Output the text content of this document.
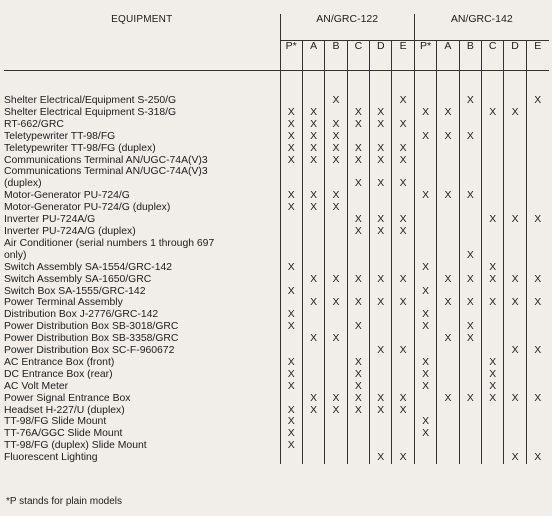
EQUIPMENT	AN/GRC-122						AN/GRC-142					
	P*	A	B	C	D	E	P*	A	B	C	D	E

Shelter Electrical/Equipment S-250/G			X			X			X			X

Shelter Electrical Equipment S-318/G	X	X		X	X		X	X		X	X	

RT-662/GRC	X	X	X	X	X	X						

Teletypewriter TT-98/FG	X	X	X				X	X	X			

Teletypewriter TT-98/FG (duplex)	X	X	X	X	X	X						

Communications Terminal AN/UGC-74A(V)3	X	X	X	X	X	X						

Communications Terminal AN/UGC-74A(V)3
(duplex)				X	X	X						

Motor-Generator PU-724/G	X	X	X				X	X	X			

Motor-Generator PU-724/G (duplex)	X	X	X									

Inverter PU-724A/G				X	X	X				X	X	X

Inverter PU-724A/G (duplex)				X	X	X						

Air Conditioner (serial numbers 1 through 697
only)									X			

Switch Assembly SA-1554/GRC-142	X						X			X		

Switch Assembly SA-1650/GRC		X	X	X	X	X		X	X	X	X	X

Switch Box SA-1555/GRC-142	X						X					

Power Terminal Assembly		X	X	X	X	X		X	X	X	X	X

Distribution Box J-2776/GRC-142	X						X					

Power Distribution Box SB-3018/GRC	X			X			X		X			

Power Distribution Box SB-3358/GRC		X	X					X	X			

Power Distribution Box SC-F-960672					X	X					X	X

AC Entrance Box (front)	X			X			X			X		

DC Entrance Box (rear)	X			X			X			X		

AC Volt Meter	X			X			X			X		

Power Signal Entrance Box		X	X	X	X	X		X	X	X	X	X

Headset H-227/U (duplex)	X	X	X	X	X	X						

TT-98/FG Slide Mount	X						X					

TT-76A/GGC Slide Mount	X						X					

TT-98/FG (duplex) Slide Mount	X											

Fluorescent Lighting					X	X					X	X
*P stands for plain models
